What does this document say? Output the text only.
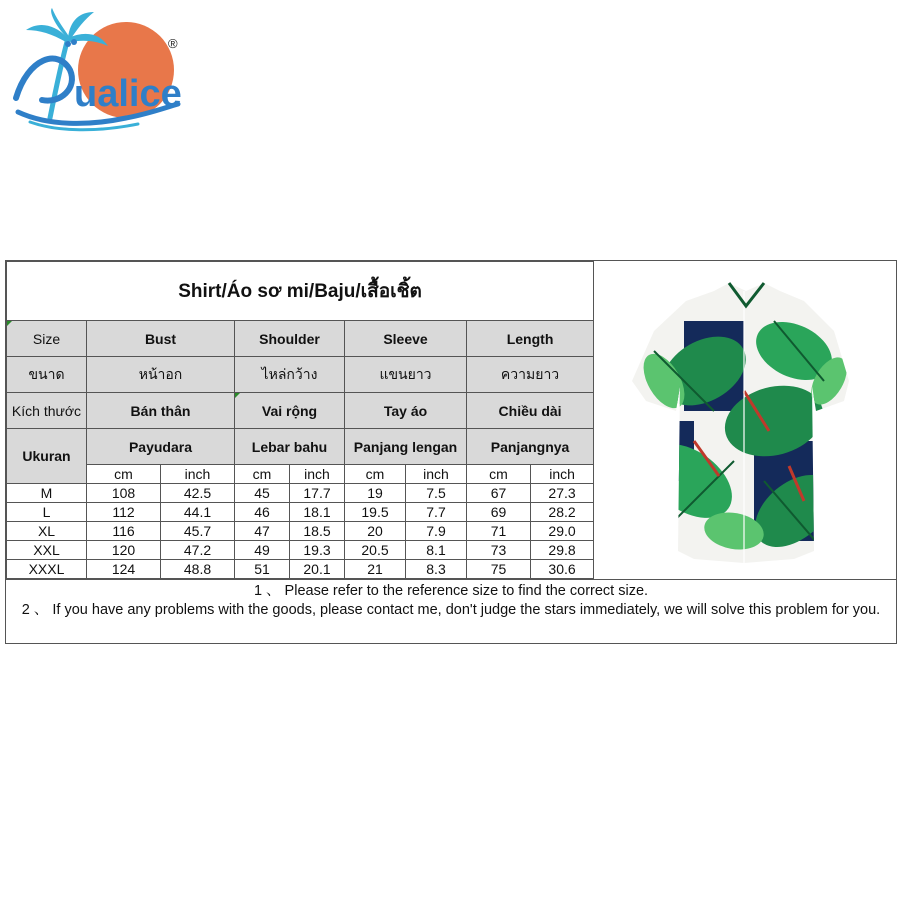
ualice
®
Shirt/Áo sơ mi/Baju/เสื้อเชิ้ต								
Size	Bust		Shoulder		Sleeve		Length	
ขนาด	หน้าอก		ไหล่กว้าง		แขนยาว		ความยาว	
Kích thước	Bán thân		Vai rộng		Tay áo		Chiều dài	
Ukuran	Payudara		Lebar bahu		Panjang lengan		Panjangnya	
	cm	inch	cm	inch	cm	inch	cm	inch
M	108	42.5	45	17.7	19	7.5	67	27.3
L	112	44.1	46	18.1	19.5	7.7	69	28.2
XL	116	45.7	47	18.5	20	7.9	71	29.0
XXL	120	47.2	49	19.3	20.5	8.1	73	29.8
XXXL	124	48.8	51	20.1	21	8.3	75	30.6
1 、 Please refer to the reference size to find the correct size.
2 、 If you have any problems with the goods, please contact me, don't judge the stars immediately, we will solve this problem for you.
